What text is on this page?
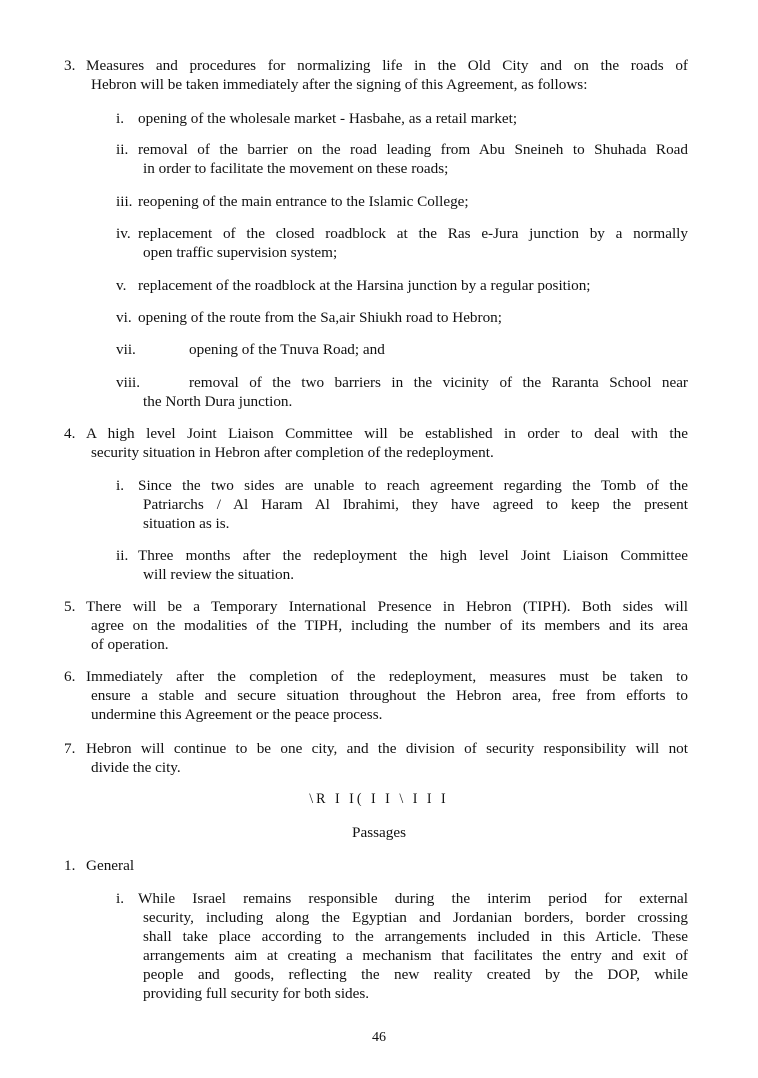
3. Measures and procedures for normalizing life in the Old City and on the roads of
Hebron will be taken immediately after the signing of this Agreement, as follows:
i. opening of the wholesale market - Hasbahe, as a retail market;
ii. removal of the barrier on the road leading from Abu Sneineh to Shuhada Road
in order to facilitate the movement on these roads;
iii. reopening of the main entrance to the Islamic College;
iv. replacement of the closed roadblock at the Ras e-Jura junction by a normally
open traffic supervision system;
v. replacement of the roadblock at the Harsina junction by a regular position;
vi. opening of the route from the Sa,air Shiukh road to Hebron;
vii.	opening of the Tnuva Road; and
viii.	removal of the two barriers in the vicinity of the Raranta School near
the North Dura junction.
4. A high level Joint Liaison Committee will be established in order to deal with the
security situation in Hebron after completion of the redeployment.
i. Since the two sides are unable to reach agreement regarding the Tomb of the
Patriarchs / Al Haram Al Ibrahimi, they have agreed to keep the present
situation as is.
ii. Three months after the redeployment the high level Joint Liaison Committee
will review the situation.
5. There will be a Temporary International Presence in Hebron (TIPH). Both sides will
agree on the modalities of the TIPH, including the number of its members and its area
of operation.
6. Immediately after the completion of the redeployment, measures must be taken to
ensure a stable and secure situation throughout the Hebron area, free from efforts to
undermine this Agreement or the peace process.
7. Hebron will continue to be one city, and the division of security responsibility will not
divide the city.
\R I I( I I \ I I I
Passages
1. General
i. While Israel remains responsible during the interim period for external
security, including along the Egyptian and Jordanian borders, border crossing
shall take place according to the arrangements included in this Article. These
arrangements aim at creating a mechanism that facilitates the entry and exit of
people and goods, reflecting the new reality created by the DOP, while
providing full security for both sides.
46
